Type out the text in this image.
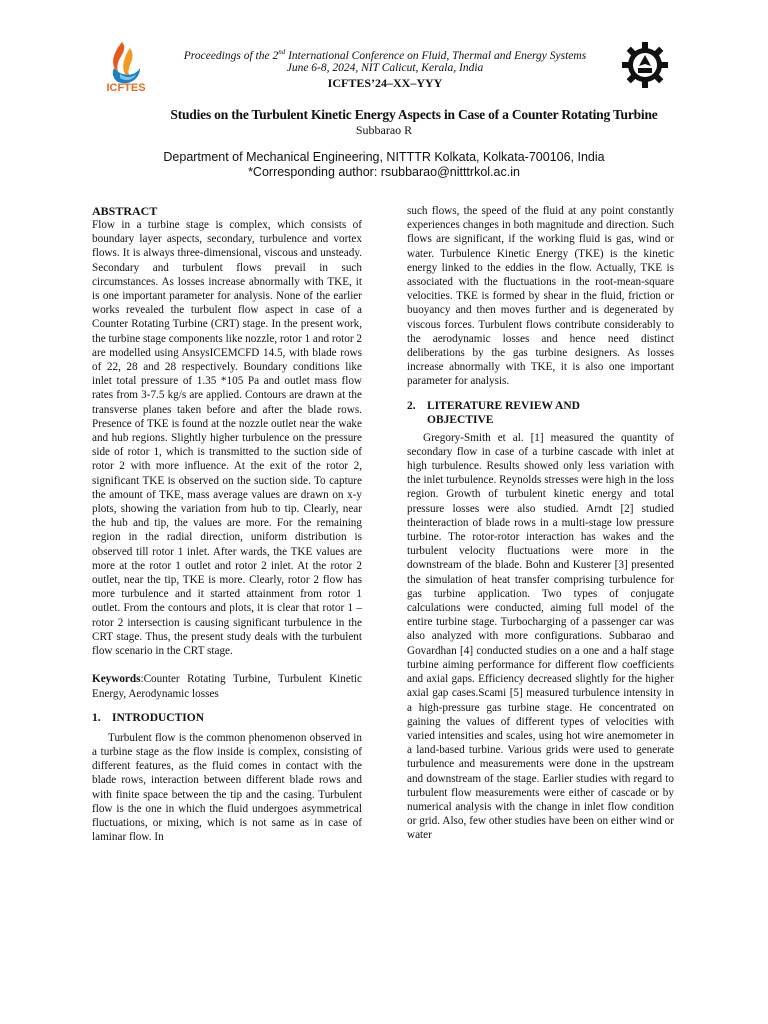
ICFTES
Proceedings of the 2nd International Conference on Fluid, Thermal and Energy Systems
June 6-8, 2024, NIT Calicut, Kerala, India
ICFTES’24–XX–YYY
Studies on the Turbulent Kinetic Energy Aspects in Case of a Counter Rotating Turbine
Subbarao R
Department of Mechanical Engineering, NITTTR Kolkata, Kolkata-700106, India
*Corresponding author: rsubbarao@nitttrkol.ac.in

ABSTRACT

Flow in a turbine stage is complex, which consists of boundary layer aspects, secondary, turbulence and vortex flows. It is always three-dimensional, viscous and unsteady. Secondary and turbulent flows prevail in such circumstances. As losses increase abnormally with TKE, it is one important parameter for analysis. None of the earlier works revealed the turbulent flow aspect in case of a Counter Rotating Turbine (CRT) stage. In the present work, the turbine stage components like nozzle, rotor 1 and rotor 2 are modelled using AnsysICEMCFD 14.5, with blade rows of 22, 28 and 28 respectively. Boundary conditions like inlet total pressure of 1.35 *105 Pa and outlet mass flow rates from 3-7.5 kg/s are applied. Contours are drawn at the transverse planes taken before and after the blade rows. Presence of TKE is found at the nozzle outlet near the wake and hub regions. Slightly higher turbulence on the pressure side of rotor 1, which is transmitted to the suction side of rotor 2 with more influence. At the exit of the rotor 2, significant TKE is observed on the suction side. To capture the amount of TKE, mass average values are drawn on x-y plots, showing the variation from hub to tip. Clearly, near the hub and tip, the values are more. For the remaining region in the radial direction, uniform distribution is observed till rotor 1 inlet. After wards, the TKE values are more at the rotor 1 outlet and rotor 2 inlet. At the rotor 2 outlet, near the tip, TKE is more. Clearly, rotor 2 flow has more turbulence and it started attainment from rotor 1 outlet. From the contours and plots, it is clear that rotor 1 – rotor 2 intersection is causing significant turbulence in the CRT stage. Thus, the present study deals with the turbulent flow scenario in the CRT stage.

Keywords:Counter Rotating Turbine, Turbulent Kinetic Energy, Aerodynamic losses

1. INTRODUCTION

Turbulent flow is the common phenomenon observed in a turbine stage as the flow inside is complex, consisting of different features, as the fluid comes in contact with the blade rows, interaction between different blade rows and with finite space between the tip and the casing. Turbulent flow is the one in which the fluid undergoes asymmetrical fluctuations, or mixing, which is not same as in case of laminar flow. In

such flows, the speed of the fluid at any point constantly experiences changes in both magnitude and direction. Such flows are significant, if the working fluid is gas, wind or water. Turbulence Kinetic Energy (TKE) is the kinetic energy linked to the eddies in the flow. Actually, TKE is associated with the fluctuations in the root-mean-square velocities. TKE is formed by shear in the fluid, friction or buoyancy and then moves further and is degenerated by viscous forces. Turbulent flows contribute considerably to the aerodynamic losses and hence need distinct deliberations by the gas turbine designers. As losses increase abnormally with TKE, it is also one important parameter for analysis.

2. LITERATURE REVIEW AND
OBJECTIVE

Gregory-Smith et al. [1] measured the quantity of secondary flow in case of a turbine cascade with inlet at high turbulence. Results showed only less variation with the inlet turbulence. Reynolds stresses were high in the loss region. Growth of turbulent kinetic energy and total pressure losses were also studied. Arndt [2] studied theinteraction of blade rows in a multi-stage low pressure turbine. The rotor-rotor interaction has wakes and the turbulent velocity fluctuations were more in the downstream of the blade. Bohn and Kusterer [3] presented the simulation of heat transfer comprising turbulence for gas turbine application. Two types of conjugate calculations were conducted, aiming full model of the entire turbine stage. Turbocharging of a passenger car was also analyzed with more configurations. Subbarao and Govardhan [4] conducted studies on a one and a half stage turbine aiming performance for different flow coefficients and axial gaps. Efficiency decreased slightly for the higher axial gap cases.Scami [5] measured turbulence intensity in a high-pressure gas turbine stage. He concentrated on gaining the values of different types of velocities with varied intensities and scales, using hot wire anemometer in a land-based turbine. Various grids were used to generate turbulence and measurements were done in the upstream and downstream of the stage. Earlier studies with regard to turbulent flow measurements were either of cascade or by numerical analysis with the change in inlet flow condition or grid. Also, few other studies have been on either wind or water
